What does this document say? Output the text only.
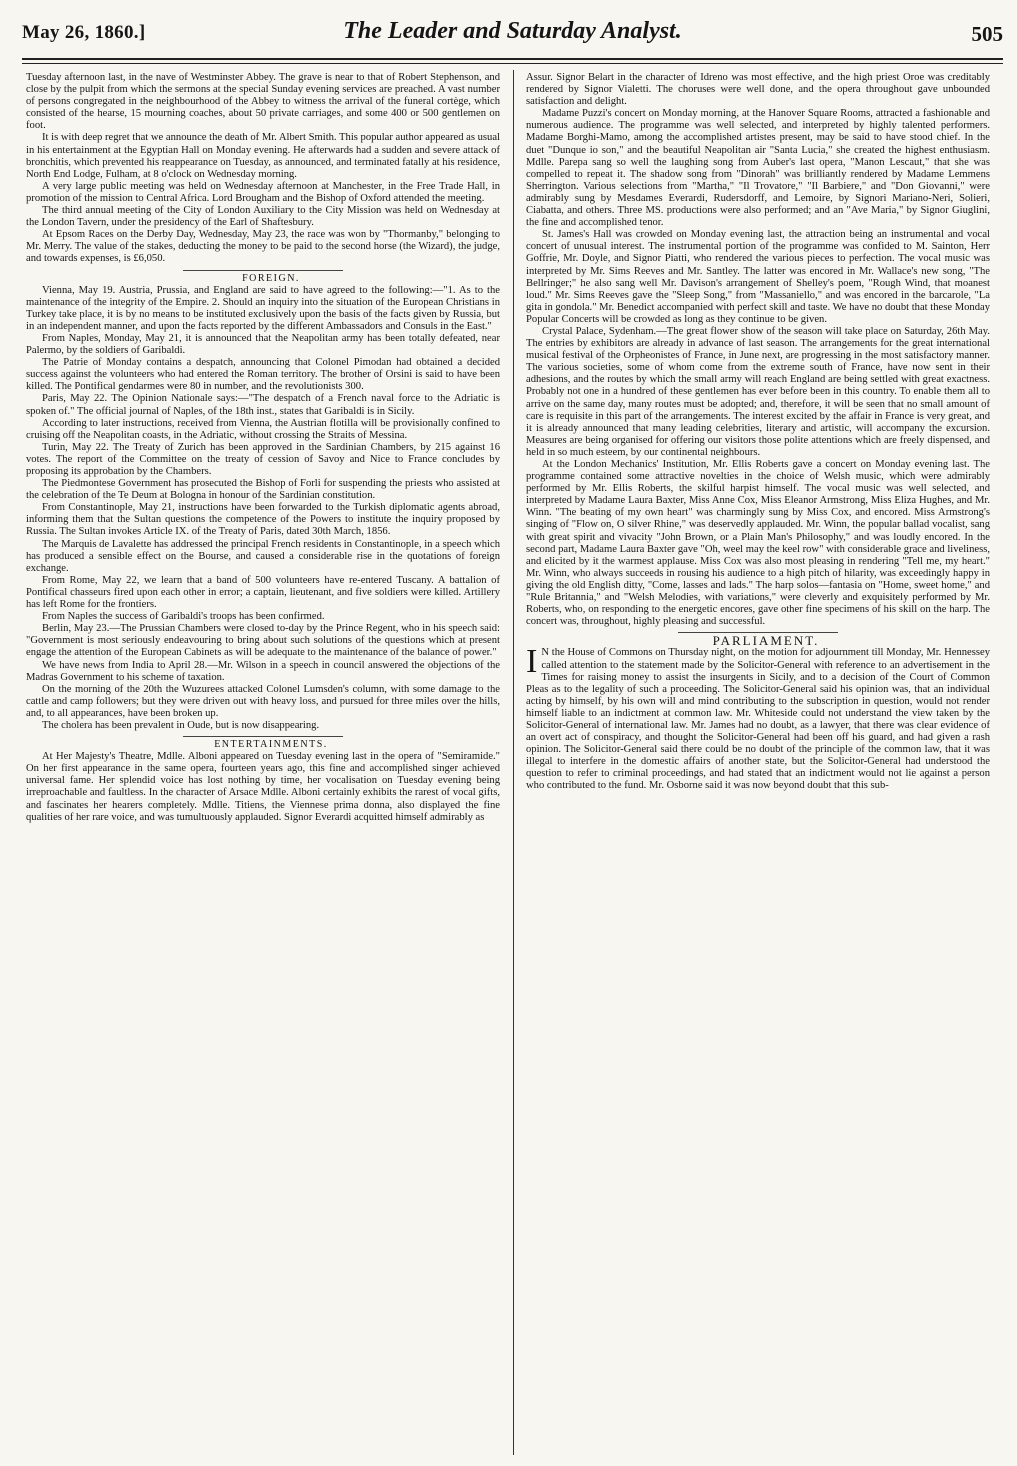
May 26, 1860.]	The Leader and Saturday Analyst.	505

Tuesday afternoon last, in the nave of Westminster Abbey. The grave is near to that of Robert Stephenson, and close by the pulpit from which the sermons at the special Sunday evening services are preached. A vast number of persons congregated in the neighbourhood of the Abbey to witness the arrival of the funeral cortège, which consisted of the hearse, 15 mourning coaches, about 50 private carriages, and some 400 or 500 gentlemen on foot.

It is with deep regret that we announce the death of Mr. Albert Smith. This popular author appeared as usual in his entertainment at the Egyptian Hall on Monday evening. He afterwards had a sudden and severe attack of bronchitis, which prevented his reappearance on Tuesday, as announced, and terminated fatally at his residence, North End Lodge, Fulham, at 8 o'clock on Wednesday morning.

A very large public meeting was held on Wednesday afternoon at Manchester, in the Free Trade Hall, in promotion of the mission to Central Africa. Lord Brougham and the Bishop of Oxford attended the meeting.

The third annual meeting of the City of London Auxiliary to the City Mission was held on Wednesday at the London Tavern, under the presidency of the Earl of Shaftesbury.

At Epsom Races on the Derby Day, Wednesday, May 23, the race was won by "Thormanby," belonging to Mr. Merry. The value of the stakes, deducting the money to be paid to the second horse (the Wizard), the judge, and towards expenses, is £6,050.

FOREIGN.

Vienna, May 19. Austria, Prussia, and England are said to have agreed to the following:—"1. As to the maintenance of the integrity of the Empire. 2. Should an inquiry into the situation of the European Christians in Turkey take place, it is by no means to be instituted exclusively upon the basis of the facts given by Russia, but in an independent manner, and upon the facts reported by the different Ambassadors and Consuls in the East."

From Naples, Monday, May 21, it is announced that the Neapolitan army has been totally defeated, near Palermo, by the soldiers of Garibaldi.

The Patrie of Monday contains a despatch, announcing that Colonel Pimodan had obtained a decided success against the volunteers who had entered the Roman territory. The brother of Orsini is said to have been killed. The Pontifical gendarmes were 80 in number, and the revolutionists 300.

Paris, May 22. The Opinion Nationale says:—"The despatch of a French naval force to the Adriatic is spoken of." The official journal of Naples, of the 18th inst., states that Garibaldi is in Sicily.

According to later instructions, received from Vienna, the Austrian flotilla will be provisionally confined to cruising off the Neapolitan coasts, in the Adriatic, without crossing the Straits of Messina.

Turin, May 22. The Treaty of Zurich has been approved in the Sardinian Chambers, by 215 against 16 votes. The report of the Committee on the treaty of cession of Savoy and Nice to France concludes by proposing its approbation by the Chambers.

The Piedmontese Government has prosecuted the Bishop of Forli for suspending the priests who assisted at the celebration of the Te Deum at Bologna in honour of the Sardinian constitution.

From Constantinople, May 21, instructions have been forwarded to the Turkish diplomatic agents abroad, informing them that the Sultan questions the competence of the Powers to institute the inquiry proposed by Russia. The Sultan invokes Article IX. of the Treaty of Paris, dated 30th March, 1856.

The Marquis de Lavalette has addressed the principal French residents in Constantinople, in a speech which has produced a sensible effect on the Bourse, and caused a considerable rise in the quotations of foreign exchange.

From Rome, May 22, we learn that a band of 500 volunteers have re-entered Tuscany. A battalion of Pontifical chasseurs fired upon each other in error; a captain, lieutenant, and five soldiers were killed. Artillery has left Rome for the frontiers.

From Naples the success of Garibaldi's troops has been confirmed.

Berlin, May 23.—The Prussian Chambers were closed to-day by the Prince Regent, who in his speech said: "Government is most seriously endeavouring to bring about such solutions of the questions which at present engage the attention of the European Cabinets as will be adequate to the maintenance of the balance of power."

We have news from India to April 28.—Mr. Wilson in a speech in council answered the objections of the Madras Government to his scheme of taxation.

On the morning of the 20th the Wuzurees attacked Colonel Lumsden's column, with some damage to the cattle and camp followers; but they were driven out with heavy loss, and pursued for three miles over the hills, and, to all appearances, have been broken up.

The cholera has been prevalent in Oude, but is now disappearing.

ENTERTAINMENTS.

At Her Majesty's Theatre, Mdlle. Alboni appeared on Tuesday evening last in the opera of "Semiramide." On her first appearance in the same opera, fourteen years ago, this fine and accomplished singer achieved universal fame. Her splendid voice has lost nothing by time, her vocalisation on Tuesday evening being irreproachable and faultless. In the character of Arsace Mdlle. Alboni certainly exhibits the rarest of vocal gifts, and fascinates her hearers completely. Mdlle. Titiens, the Viennese prima donna, also displayed the fine qualities of her rare voice, and was tumultuously applauded. Signor Everardi acquitted himself admirably as

Assur. Signor Belart in the character of Idreno was most effective, and the high priest Oroe was creditably rendered by Signor Vialetti. The choruses were well done, and the opera throughout gave unbounded satisfaction and delight.

Madame Puzzi's concert on Monday morning, at the Hanover Square Rooms, attracted a fashionable and numerous audience. The programme was well selected, and interpreted by highly talented performers. Madame Borghi-Mamo, among the accomplished artistes present, may be said to have stood chief. In the duet "Dunque io son," and the beautiful Neapolitan air "Santa Lucia," she created the highest enthusiasm. Mdlle. Parepa sang so well the laughing song from Auber's last opera, "Manon Lescaut," that she was compelled to repeat it. The shadow song from "Dinorah" was brilliantly rendered by Madame Lemmens Sherrington. Various selections from "Martha," "Il Trovatore," "Il Barbiere," and "Don Giovanni," were admirably sung by Mesdames Everardi, Rudersdorff, and Lemoire, by Signori Mariano-Neri, Solieri, Ciabatta, and others. Three MS. productions were also performed; and an "Ave Maria," by Signor Giuglini, the fine and accomplished tenor.

St. James's Hall was crowded on Monday evening last, the attraction being an instrumental and vocal concert of unusual interest. The instrumental portion of the programme was confided to M. Sainton, Herr Goffrie, Mr. Doyle, and Signor Piatti, who rendered the various pieces to perfection. The vocal music was interpreted by Mr. Sims Reeves and Mr. Santley. The latter was encored in Mr. Wallace's new song, "The Bellringer;" he also sang well Mr. Davison's arrangement of Shelley's poem, "Rough Wind, that moanest loud." Mr. Sims Reeves gave the "Sleep Song," from "Massaniello," and was encored in the barcarole, "La gita in gondola." Mr. Benedict accompanied with perfect skill and taste. We have no doubt that these Monday Popular Concerts will be crowded as long as they continue to be given.

Crystal Palace, Sydenham.—The great flower show of the season will take place on Saturday, 26th May. The entries by exhibitors are already in advance of last season. The arrangements for the great international musical festival of the Orpheonistes of France, in June next, are progressing in the most satisfactory manner. The various societies, some of whom come from the extreme south of France, have now sent in their adhesions, and the routes by which the small army will reach England are being settled with great exactness. Probably not one in a hundred of these gentlemen has ever before been in this country. To enable them all to arrive on the same day, many routes must be adopted; and, therefore, it will be seen that no small amount of care is requisite in this part of the arrangements. The interest excited by the affair in France is very great, and it is already announced that many leading celebrities, literary and artistic, will accompany the excursion. Measures are being organised for offering our visitors those polite attentions which are freely dispensed, and held in so much esteem, by our continental neighbours.

At the London Mechanics' Institution, Mr. Ellis Roberts gave a concert on Monday evening last. The programme contained some attractive novelties in the choice of Welsh music, which were admirably performed by Mr. Ellis Roberts, the skilful harpist himself. The vocal music was well selected, and interpreted by Madame Laura Baxter, Miss Anne Cox, Miss Eleanor Armstrong, Miss Eliza Hughes, and Mr. Winn. "The beating of my own heart" was charmingly sung by Miss Cox, and encored. Miss Armstrong's singing of "Flow on, O silver Rhine," was deservedly applauded. Mr. Winn, the popular ballad vocalist, sang with great spirit and vivacity "John Brown, or a Plain Man's Philosophy," and was loudly encored. In the second part, Madame Laura Baxter gave "Oh, weel may the keel row" with considerable grace and liveliness, and elicited by it the warmest applause. Miss Cox was also most pleasing in rendering "Tell me, my heart." Mr. Winn, who always succeeds in rousing his audience to a high pitch of hilarity, was exceedingly happy in giving the old English ditty, "Come, lasses and lads." The harp solos—fantasia on "Home, sweet home," and "Rule Britannia," and "Welsh Melodies, with variations," were cleverly and exquisitely performed by Mr. Roberts, who, on responding to the energetic encores, gave other fine specimens of his skill on the harp. The concert was, throughout, highly pleasing and successful.

PARLIAMENT.

I N the House of Commons on Thursday night, on the motion for adjournment till Monday, Mr. Hennessey called attention to the statement made by the Solicitor-General with reference to an advertisement in the Times for raising money to assist the insurgents in Sicily, and to a decision of the Court of Common Pleas as to the legality of such a proceeding. The Solicitor-General said his opinion was, that an individual acting by himself, by his own will and mind contributing to the subscription in question, would not render himself liable to an indictment at common law. Mr. Whiteside could not understand the view taken by the Solicitor-General of international law. Mr. James had no doubt, as a lawyer, that there was clear evidence of an overt act of conspiracy, and thought the Solicitor-General had been off his guard, and had given a rash opinion. The Solicitor-General said there could be no doubt of the principle of the common law, that it was illegal to interfere in the domestic affairs of another state, but the Solicitor-General had understood the question to refer to criminal proceedings, and had stated that an indictment would not lie against a person who contributed to the fund. Mr. Osborne said it was now beyond doubt that this sub-
